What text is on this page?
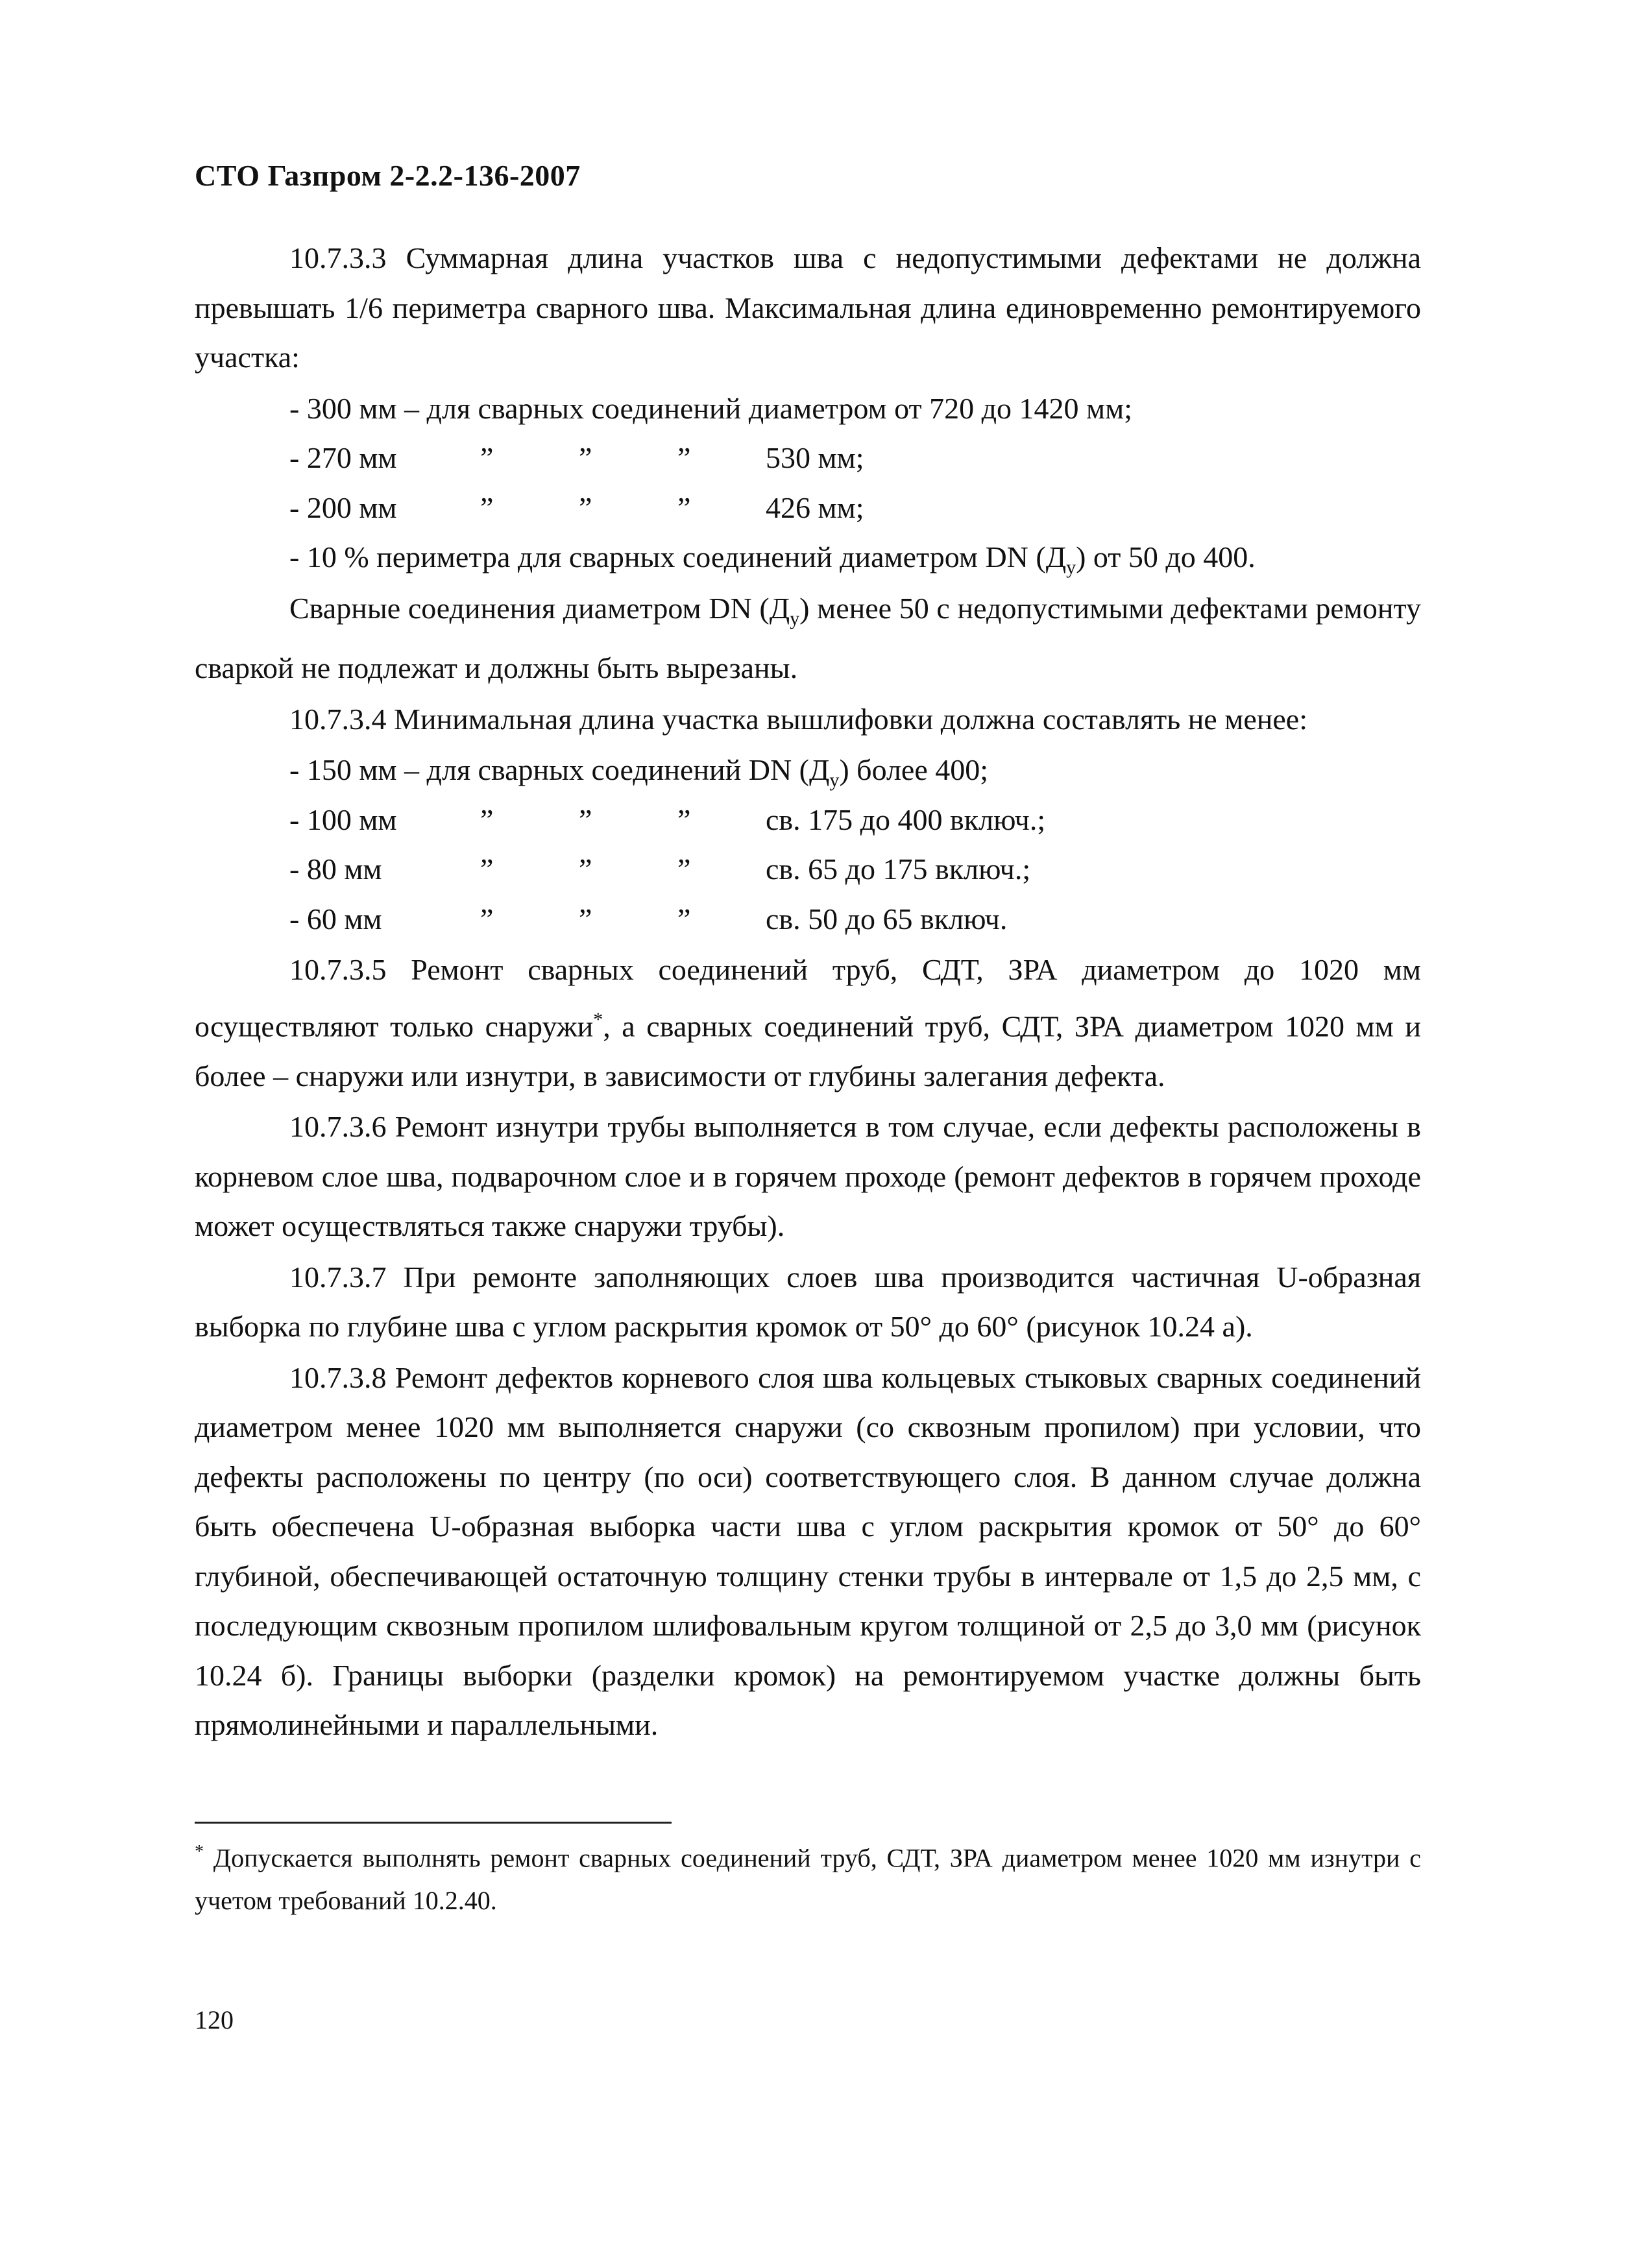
СТО Газпром 2-2.2-136-2007

10.7.3.3 Суммарная длина участков шва с недопустимыми дефектами не должна превышать 1/6 периметра сварного шва. Максимальная длина единовременно ремонтируемого участка:

- 300 мм – для сварных соединений диаметром от 720 до 1420 мм;
- 270 мм	”	”	”	530 мм;
- 200 мм	”	”	”	426 мм;
- 10 % периметра для сварных соединений диаметром DN $(Д_у)$ от 50 до 400.

Сварные соединения диаметром DN $(Д_у)$ менее 50 с недопустимыми дефектами ремонту сваркой не подлежат и должны быть вырезаны.

10.7.3.4 Минимальная длина участка вышлифовки должна составлять не менее:

- 150 мм – для сварных соединений DN $(Д_у)$ более 400;
- 100 мм	”	”	”	св. 175 до 400 включ.;
- 80 мм	”	”	”	св. 65 до 175 включ.;
- 60 мм	”	”	”	св. 50 до 65 включ.

10.7.3.5 Ремонт сварных соединений труб, СДТ, ЗРА диаметром до 1020 мм осуществляют только снаружи*, а сварных соединений труб, СДТ, ЗРА диаметром 1020 мм и более – снаружи или изнутри, в зависимости от глубины залегания дефекта.

10.7.3.6 Ремонт изнутри трубы выполняется в том случае, если дефекты расположены в корневом слое шва, подварочном слое и в горячем проходе (ремонт дефектов в горячем проходе может осуществляться также снаружи трубы).

10.7.3.7 При ремонте заполняющих слоев шва производится частичная U-образная выборка по глубине шва с углом раскрытия кромок от 50° до 60° (рисунок 10.24 а).

10.7.3.8 Ремонт дефектов корневого слоя шва кольцевых стыковых сварных соединений диаметром менее 1020 мм выполняется снаружи (со сквозным пропилом) при условии, что дефекты расположены по центру (по оси) соответствующего слоя. В данном случае должна быть обеспечена U-образная выборка части шва с углом раскрытия кромок от 50° до 60° глубиной, обеспечивающей остаточную толщину стенки трубы в интервале от 1,5 до 2,5 мм, с последующим сквозным пропилом шлифовальным кругом толщиной от 2,5 до 3,0 мм (рисунок 10.24 б). Границы выборки (разделки кромок) на ремонтируемом участке должны быть прямолинейными и параллельными.

* Допускается выполнять ремонт сварных соединений труб, СДТ, ЗРА диаметром менее 1020 мм изнутри с учетом требований 10.2.40.
120
